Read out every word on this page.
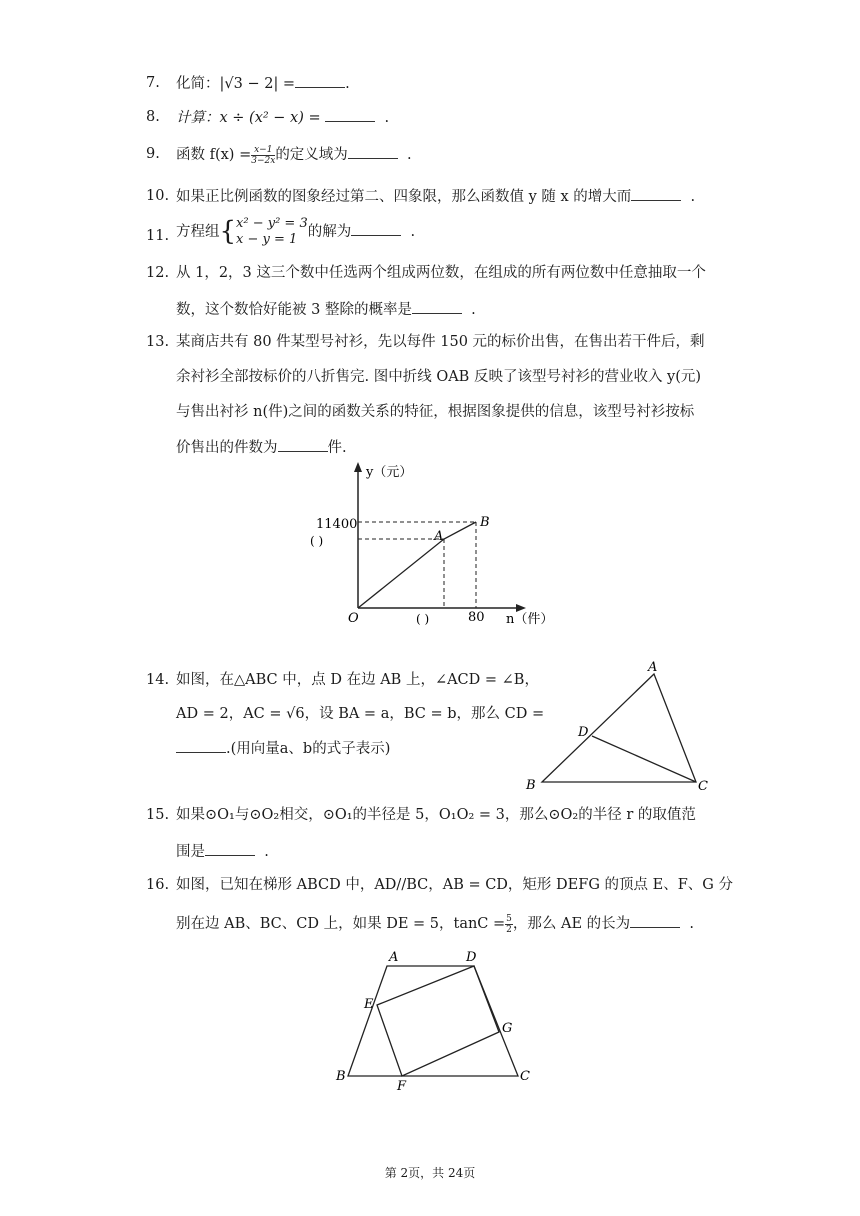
7.	化简：|√3 − 2| =	.
8.	计算：x ÷ (x² − x) =	.
9.	函数 $f(x) = \frac{x-1}{3-2x}$ 的定义域为	.
10. 如果正比例函数的图象经过第二、四象限，那么函数值 y 随 x 的增大而	.
11. 方程组{x² − y² = 3
x − y = 1 的解为	.
12. 从 1，2，3 这三个数中任选两个组成两位数，在组成的所有两位数中任意抽取一个
数，这个数恰好能被 3 整除的概率是	.
13. 某商店共有 80 件某型号衬衫，先以每件 150 元的标价出售，在售出若干件后，剩
余衬衫全部按标价的八折售完. 图中折线 OAB 反映了该型号衬衫的营业收入 y(元)
与售出衬衫 n(件)之间的函数关系的特征，根据图象提供的信息，该型号衬衫按标
价售出的件数为	件.
y（元）
n（件）
11400
( )
( )	80
O
A
B
14. 如图，在△ABC 中，点 D 在边 AB 上，∠ACD = ∠B，
AD = 2，AC = √6，设 BA = a，BC = b，那么 CD =
.(用向量a、b的式子表示)
A
B	C
D
15. 如果⊙O₁与⊙O₂相交，⊙O₁的半径是 5，O₁O₂ = 3，那么⊙O₂的半径 r 的取值范
围是	.
16. 如图，已知在梯形 ABCD 中，AD//BC，AB = CD，矩形 DEFG 的顶点 E、F、G 分
别在边 AB、BC、CD 上，如果 DE = 5，$\tan C = \frac{5}{2}$ ，那么 AE 的长为	.
A	D
E
G
B	C
F
第 2页，共 24页
